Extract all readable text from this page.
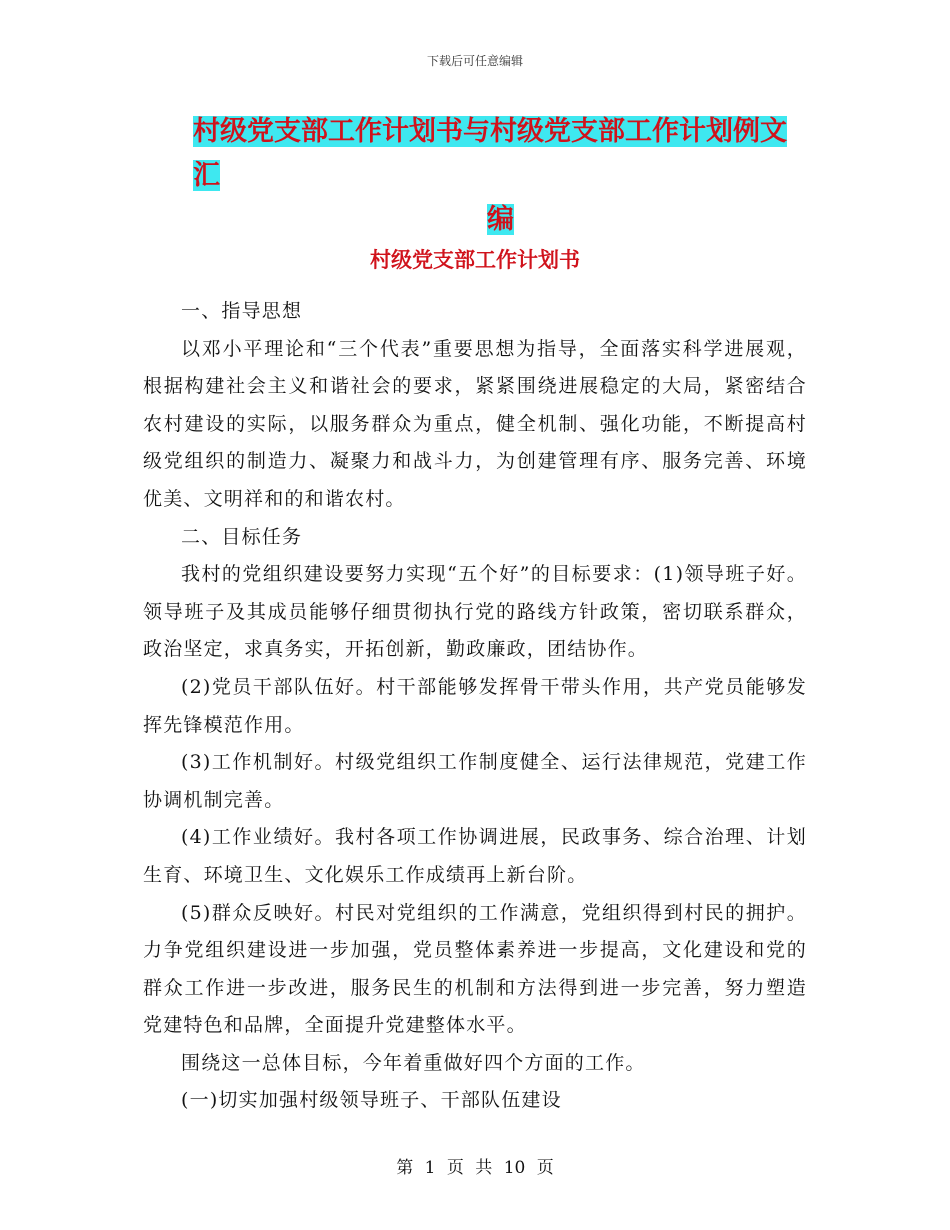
下载后可任意编辑
村级党支部工作计划书与村级党支部工作计划例文汇
编
村级党支部工作计划书

一、指导思想

以邓小平理论和“三个代表”重要思想为指导，全面落实科学进展观，根据构建社会主义和谐社会的要求，紧紧围绕进展稳定的大局，紧密结合农村建设的实际，以服务群众为重点，健全机制、强化功能，不断提高村级党组织的制造力、凝聚力和战斗力，为创建管理有序、服务完善、环境优美、文明祥和的和谐农村。

二、目标任务

我村的党组织建设要努力实现“五个好”的目标要求：(1)领导班子好。领导班子及其成员能够仔细贯彻执行党的路线方针政策，密切联系群众，政治坚定，求真务实，开拓创新，勤政廉政，团结协作。

(2)党员干部队伍好。村干部能够发挥骨干带头作用，共产党员能够发挥先锋模范作用。

(3)工作机制好。村级党组织工作制度健全、运行法律规范，党建工作协调机制完善。

(4)工作业绩好。我村各项工作协调进展，民政事务、综合治理、计划生育、环境卫生、文化娱乐工作成绩再上新台阶。

(5)群众反映好。村民对党组织的工作满意，党组织得到村民的拥护。力争党组织建设进一步加强，党员整体素养进一步提高，文化建设和党的群众工作进一步改进，服务民生的机制和方法得到进一步完善，努力塑造党建特色和品牌，全面提升党建整体水平。

围绕这一总体目标，今年着重做好四个方面的工作。

(一)切实加强村级领导班子、干部队伍建设

第 1 页 共 10 页
